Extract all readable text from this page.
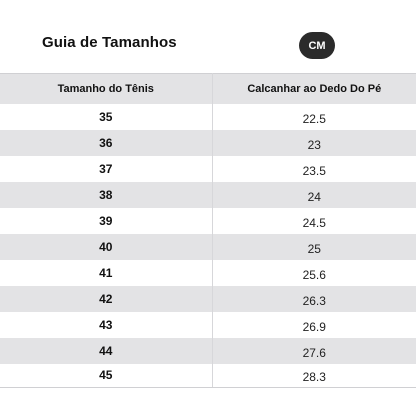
Guia de Tamanhos	CM
Tamanho do Tênis	Calcanhar ao Dedo Do Pé
35	22.5
36	23
37	23.5
38	24
39	24.5
40	25
41	25.6
42	26.3
43	26.9
44	27.6
45	28.3
